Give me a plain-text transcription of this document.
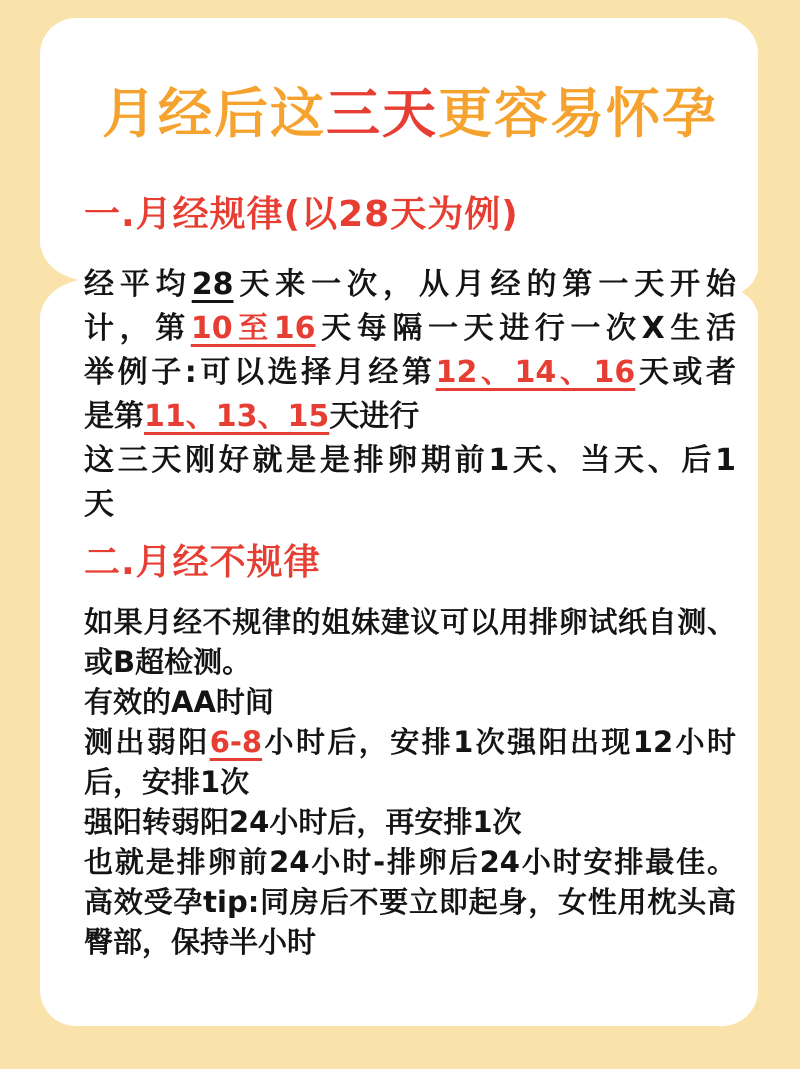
月经后这三天更容易怀孕
一.月经规律(以28天为例)
经平均28天来一次，从月经的第一天开始
计，第10至16天每隔一天进行一次X生活
举例子:可以选择月经第12、14、16天或者
是第11、13、15天进行
这三天刚好就是是排卵期前1天、当天、后1
天
二.月经不规律
如果月经不规律的姐妹建议可以用排卵试纸自测、
或B超检测。
有效的AA时间
测出弱阳6-8小时后，安排1次强阳出现12小时
后，安排1次
强阳转弱阳24小时后，再安排1次
也就是排卵前24小时-排卵后24小时安排最佳。
高效受孕tip:同房后不要立即起身，女性用枕头高
臀部，保持半小时
